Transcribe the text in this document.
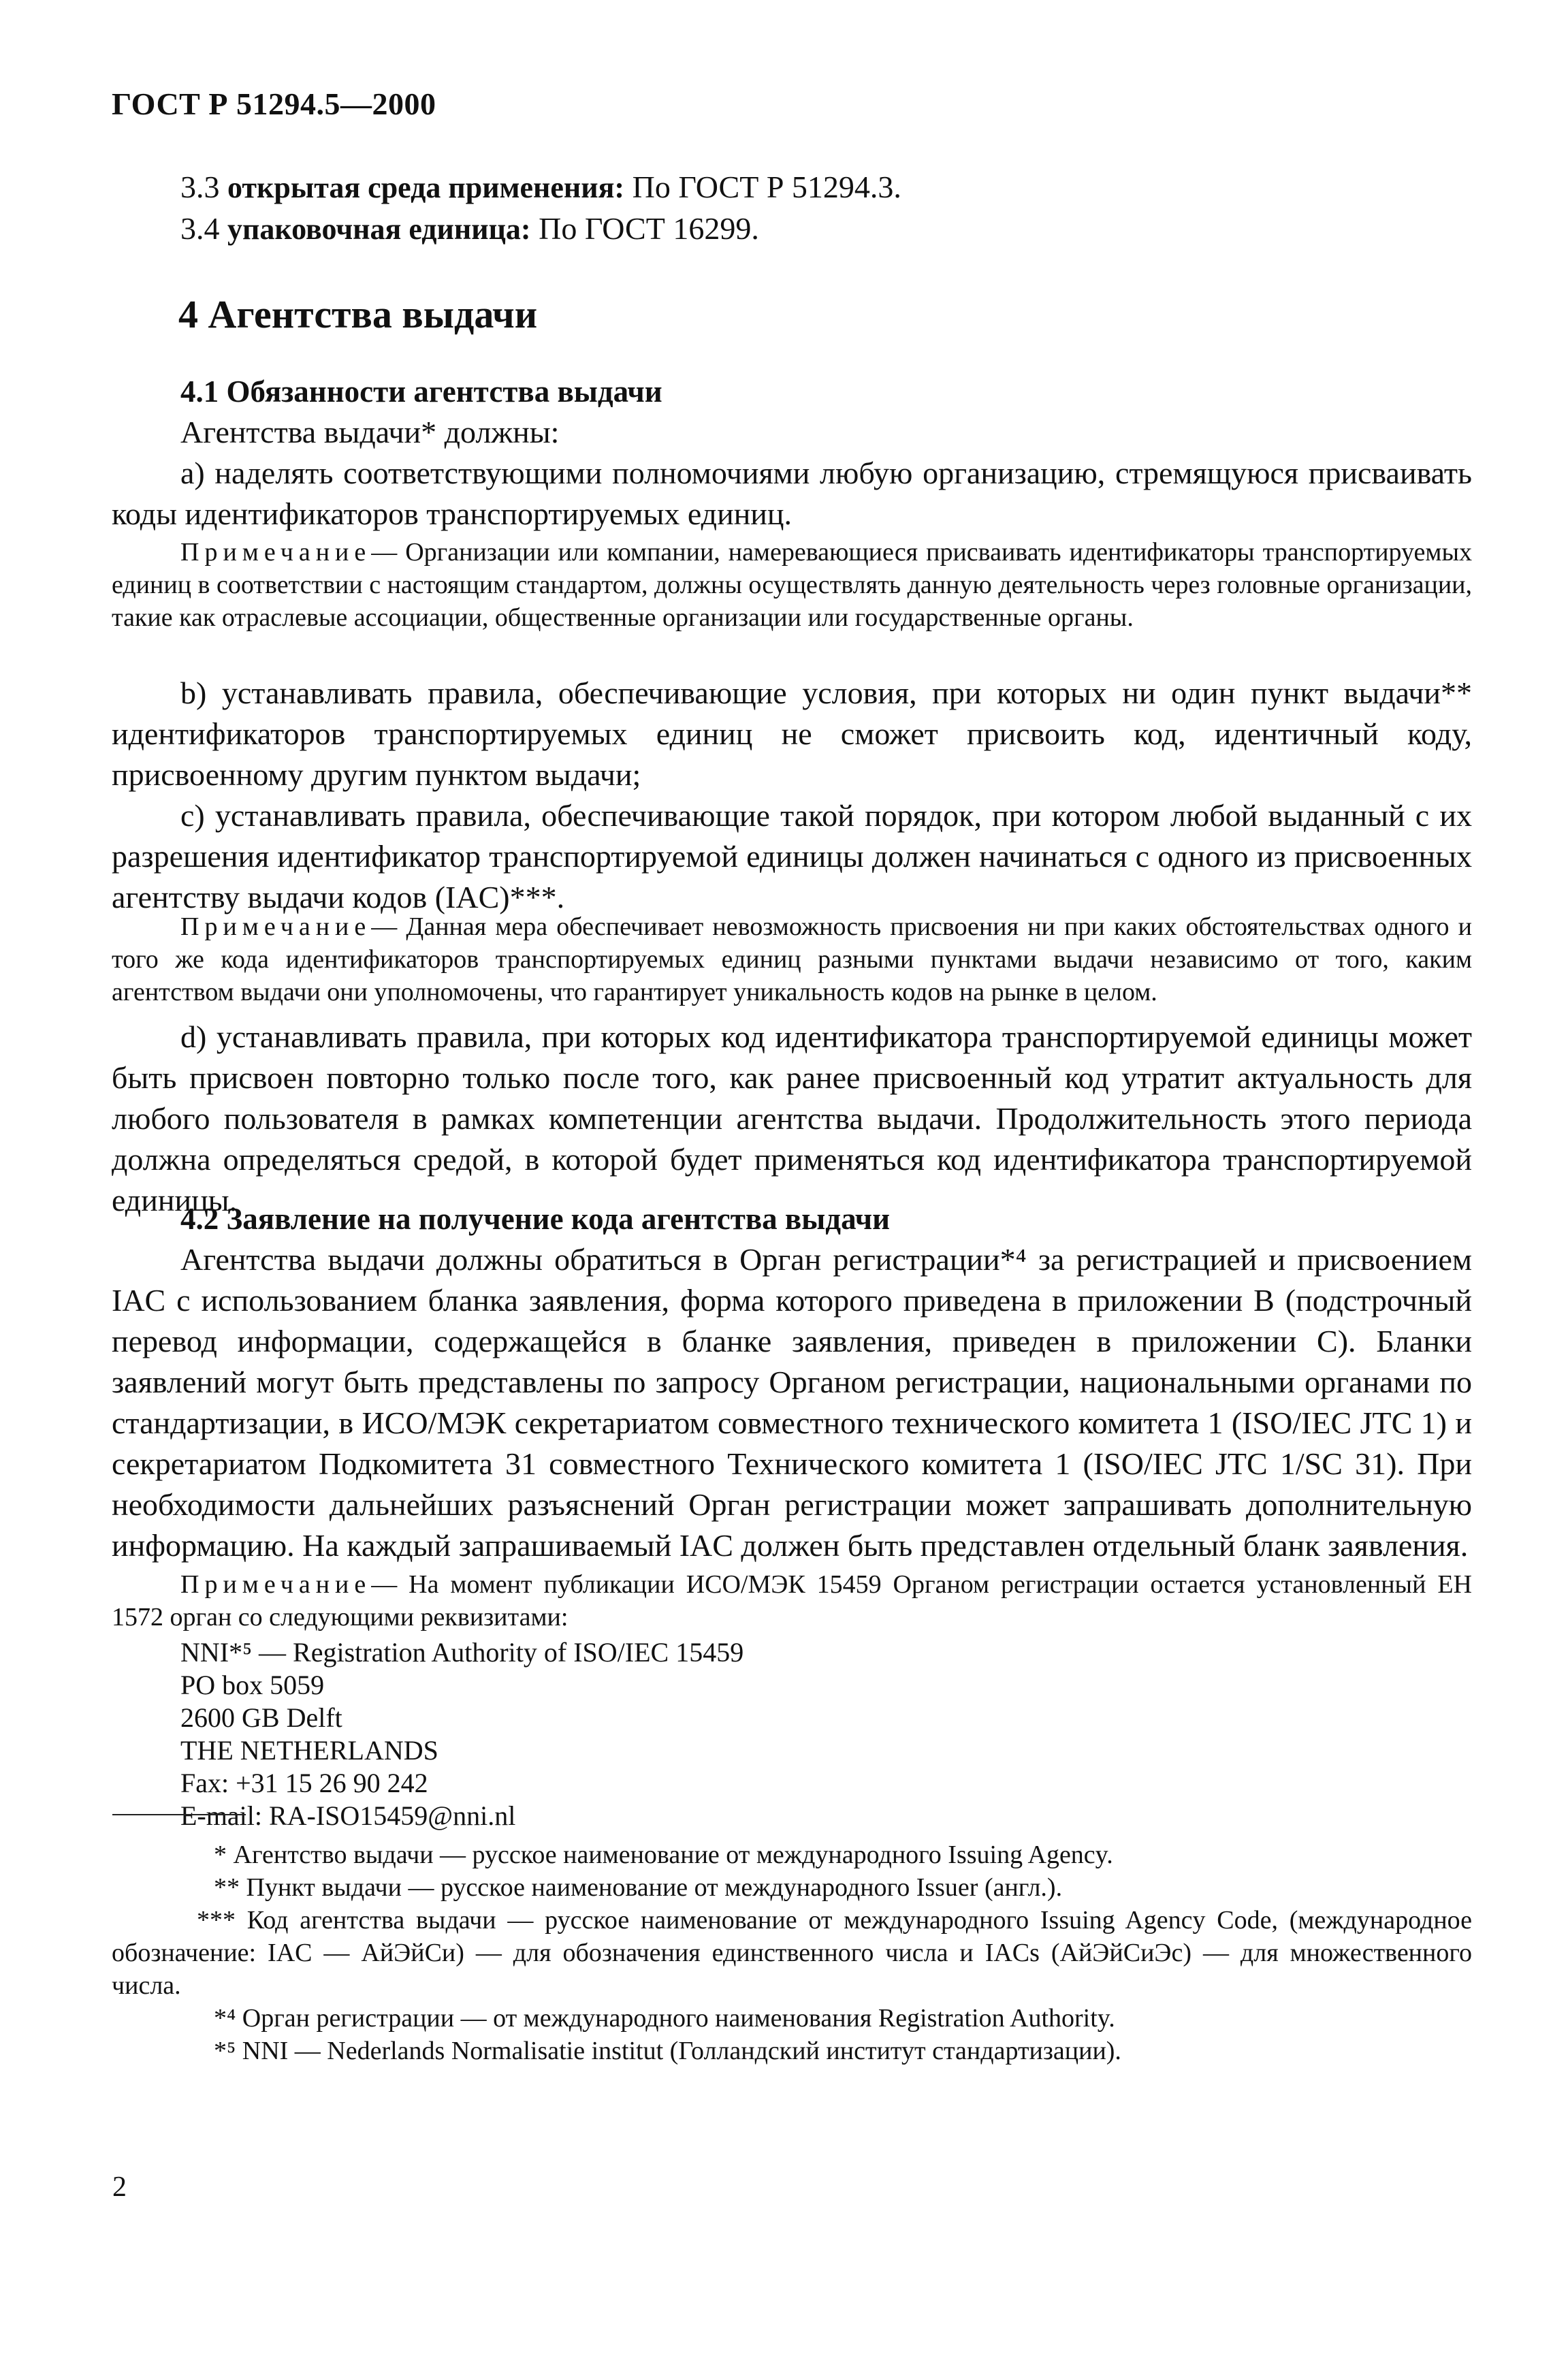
ГОСТ Р 51294.5—2000
3.3 открытая среда применения: По ГОСТ Р 51294.3.
3.4 упаковочная единица: По ГОСТ 16299.
4 Агентства выдачи

4.1 Обязанности агентства выдачи

Агентства выдачи* должны:

a) наделять соответствующими полномочиями любую организацию, стремящуюся присваивать коды идентификаторов транспортируемых единиц.

Примечание— Организации или компании, намеревающиеся присваивать идентификаторы транспортируемых единиц в соответствии с настоящим стандартом, должны осуществлять данную деятельность через головные организации, такие как отраслевые ассоциации, общественные организации или государственные органы.

b) устанавливать правила, обеспечивающие условия, при которых ни один пункт выдачи** идентификаторов транспортируемых единиц не сможет присвоить код, идентичный коду, присвоенному другим пунктом выдачи;

c) устанавливать правила, обеспечивающие такой порядок, при котором любой выданный с их разрешения идентификатор транспортируемой единицы должен начинаться с одного из присвоенных агентству выдачи кодов (IAC)***.

Примечание— Данная мера обеспечивает невозможность присвоения ни при каких обстоятельствах одного и того же кода идентификаторов транспортируемых единиц разными пунктами выдачи независимо от того, каким агентством выдачи они уполномочены, что гарантирует уникальность кодов на рынке в целом.

d) устанавливать правила, при которых код идентификатора транспортируемой единицы может быть присвоен повторно только после того, как ранее присвоенный код утратит актуальность для любого пользователя в рамках компетенции агентства выдачи. Продолжительность этого периода должна определяться средой, в которой будет применяться код идентификатора транспортируемой единицы.

4.2 Заявление на получение кода агентства выдачи

Агентства выдачи должны обратиться в Орган регистрации*⁴ за регистрацией и присвоением IAC с использованием бланка заявления, форма которого приведена в приложении B (подстрочный перевод информации, содержащейся в бланке заявления, приведен в приложении C). Бланки заявлений могут быть представлены по запросу Органом регистрации, национальными органами по стандартизации, в ИСО/МЭК секретариатом совместного технического комитета 1 (ISO/IEC JTC 1) и секретариатом Подкомитета 31 совместного Технического комитета 1 (ISO/IEC JTC 1/SC 31). При необходимости дальнейших разъяснений Орган регистрации может запрашивать дополнительную информацию. На каждый запрашиваемый IAC должен быть представлен отдельный бланк заявления.

Примечание— На момент публикации ИСО/МЭК 15459 Органом регистрации остается установленный ЕН 1572 орган со следующими реквизитами:

NNI*⁵ — Registration Authority of ISO/IEC 15459
PO box 5059
2600 GB Delft
THE NETHERLANDS
Fax: +31 15 26 90 242
E-mail: RA-ISO15459@nni.nl

* Агентство выдачи — русское наименование от международного Issuing Agency.

** Пункт выдачи — русское наименование от международного Issuer (англ.).

*** Код агентства выдачи — русское наименование от международного Issuing Agency Code, (международное обозначение: IAC — АйЭйСи) — для обозначения единственного числа и IACs (АйЭйСиЭс) — для множественного числа.

*⁴ Орган регистрации — от международного наименования Registration Authority.

*⁵ NNI — Nederlands Normalisatie institut (Голландский институт стандартизации).

2
